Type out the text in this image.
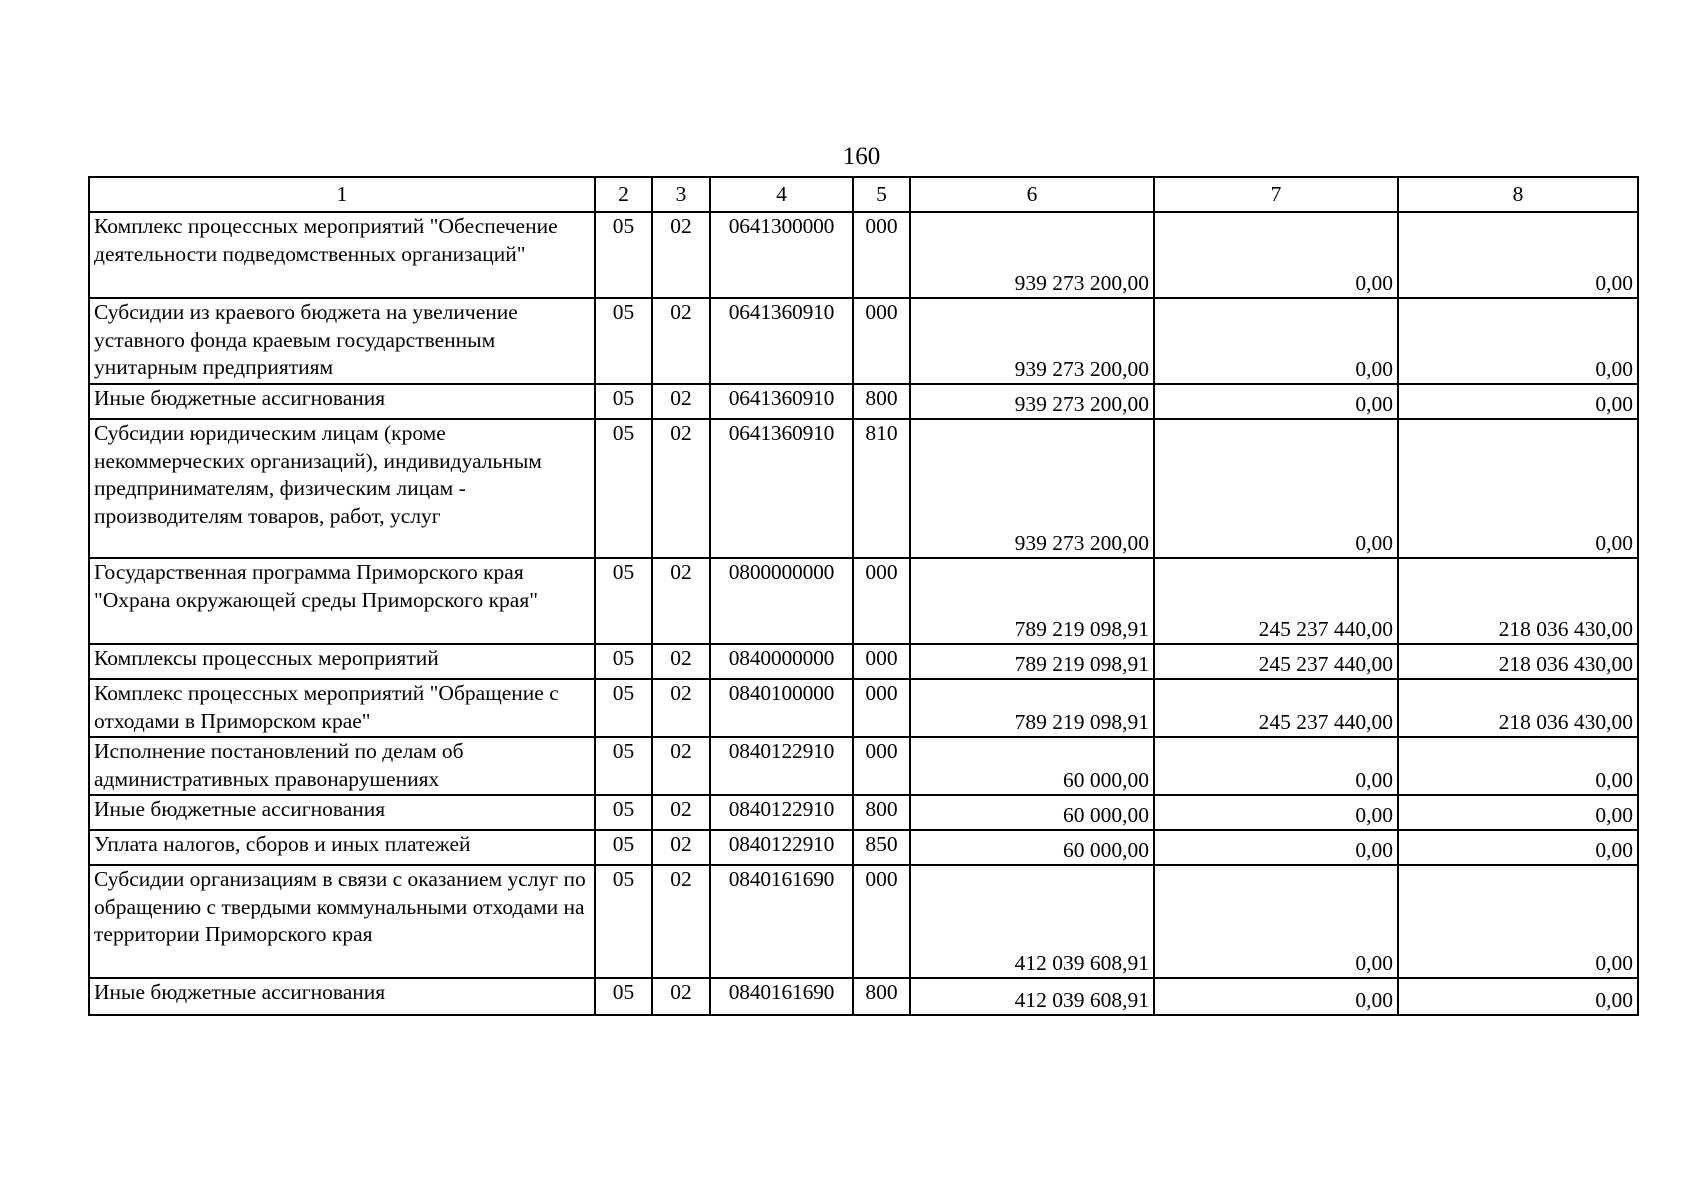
160
1	2	3	4	5	6	7	8
Комплекс процессных мероприятий "Обеспечение деятельности подведомственных организаций"	05	02	0641300000	000	939 273 200,00	0,00	0,00
Субсидии из краевого бюджета на увеличение уставного фонда краевым государственным унитарным предприятиям	05	02	0641360910	000	939 273 200,00	0,00	0,00
Иные бюджетные ассигнования	05	02	0641360910	800	939 273 200,00	0,00	0,00
Субсидии юридическим лицам (кроме некоммерческих организаций), индивидуальным предпринимателям, физическим лицам - производителям товаров, работ, услуг	05	02	0641360910	810	939 273 200,00	0,00	0,00
Государственная программа Приморского края "Охрана окружающей среды Приморского края"	05	02	0800000000	000	789 219 098,91	245 237 440,00	218 036 430,00
Комплексы процессных мероприятий	05	02	0840000000	000	789 219 098,91	245 237 440,00	218 036 430,00
Комплекс процессных мероприятий "Обращение с отходами в Приморском крае"	05	02	0840100000	000	789 219 098,91	245 237 440,00	218 036 430,00
Исполнение постановлений по делам об административных правонарушениях	05	02	0840122910	000	60 000,00	0,00	0,00
Иные бюджетные ассигнования	05	02	0840122910	800	60 000,00	0,00	0,00
Уплата налогов, сборов и иных платежей	05	02	0840122910	850	60 000,00	0,00	0,00
Субсидии организациям в связи с оказанием услуг по обращению с твердыми коммунальными отходами на территории Приморского края	05	02	0840161690	000	412 039 608,91	0,00	0,00
Иные бюджетные ассигнования	05	02	0840161690	800	412 039 608,91	0,00	0,00
